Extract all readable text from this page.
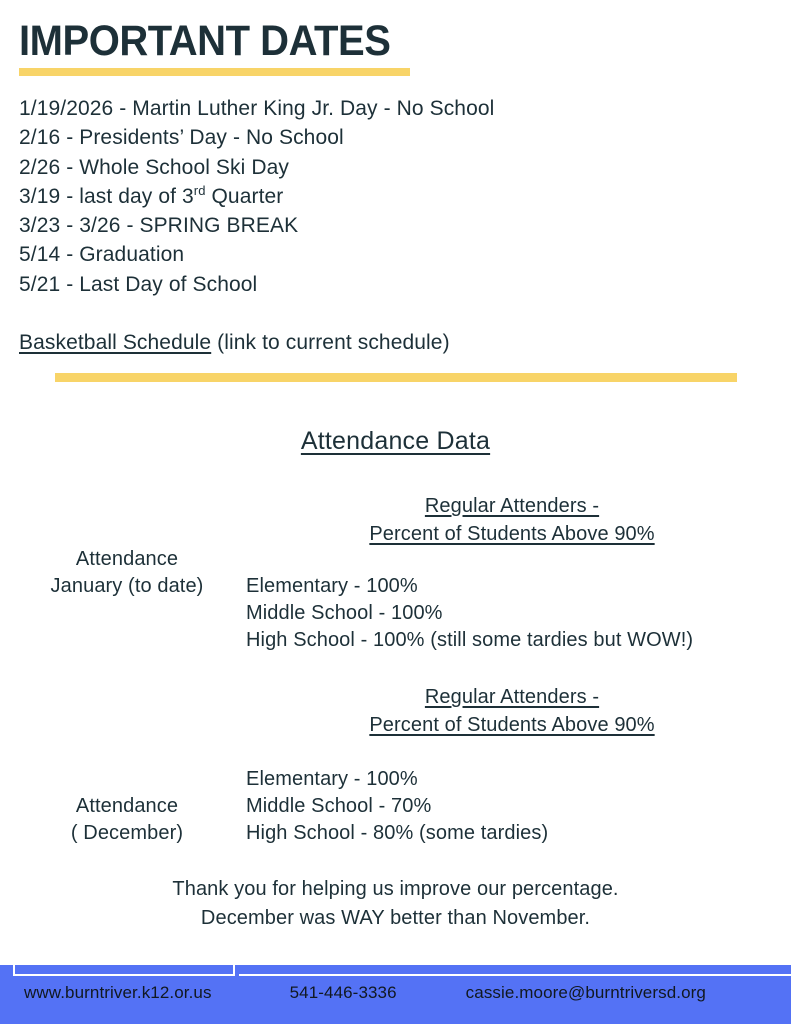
IMPORTANT DATES
1/19/2026 - Martin Luther King Jr. Day - No School
2/16 - Presidents’ Day - No School
2/26 - Whole School Ski Day
3/19 - last day of 3rd Quarter
3/23 - 3/26 - SPRING BREAK
5/14 - Graduation
5/21 - Last Day of School
Basketball Schedule (link to current schedule)
Attendance Data
Regular Attenders -
Percent of Students Above 90%
Attendance
January (to date)	Elementary - 100%
Middle School - 100%
High School - 100% (still some tardies but WOW!)
Regular Attenders -
Percent of Students Above 90%
Attendance
( December)
Elementary - 100%
Middle School - 70%
High School - 80% (some tardies)
Thank you for helping us improve our percentage.
December was WAY better than November.
www.burntriver.k12.or.us	541-446-3336	cassie.moore@burntriversd.org
